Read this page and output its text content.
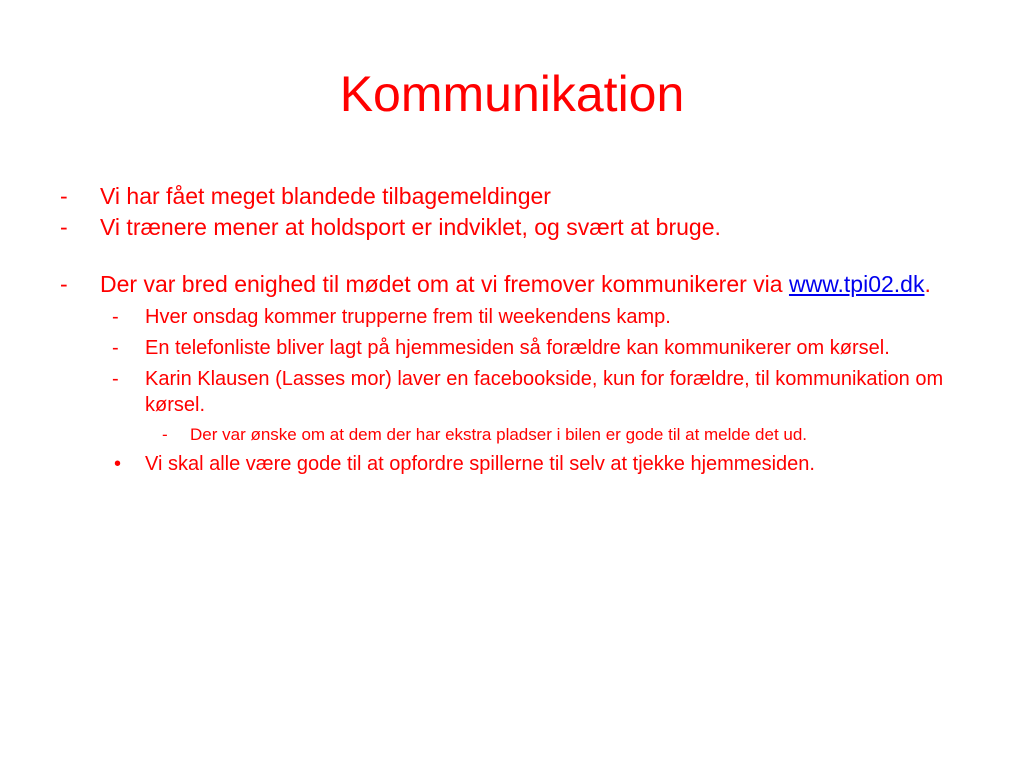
Kommunikation
- Vi har fået meget blandede tilbagemeldinger
- Vi trænere mener at holdsport er indviklet, og svært at bruge.
- Der var bred enighed til mødet om at vi fremover kommunikerer via www.tpi02.dk.
- Hver onsdag kommer trupperne frem til weekendens kamp.
- En telefonliste bliver lagt på hjemmesiden så forældre kan kommunikerer om kørsel.
- Karin Klausen (Lasses mor) laver en facebookside, kun for forældre, til kommunikation om kørsel.
- Der var ønske om at dem der har ekstra pladser i bilen er gode til at melde det ud.
• Vi skal alle være gode til at opfordre spillerne til selv at tjekke hjemmesiden.
